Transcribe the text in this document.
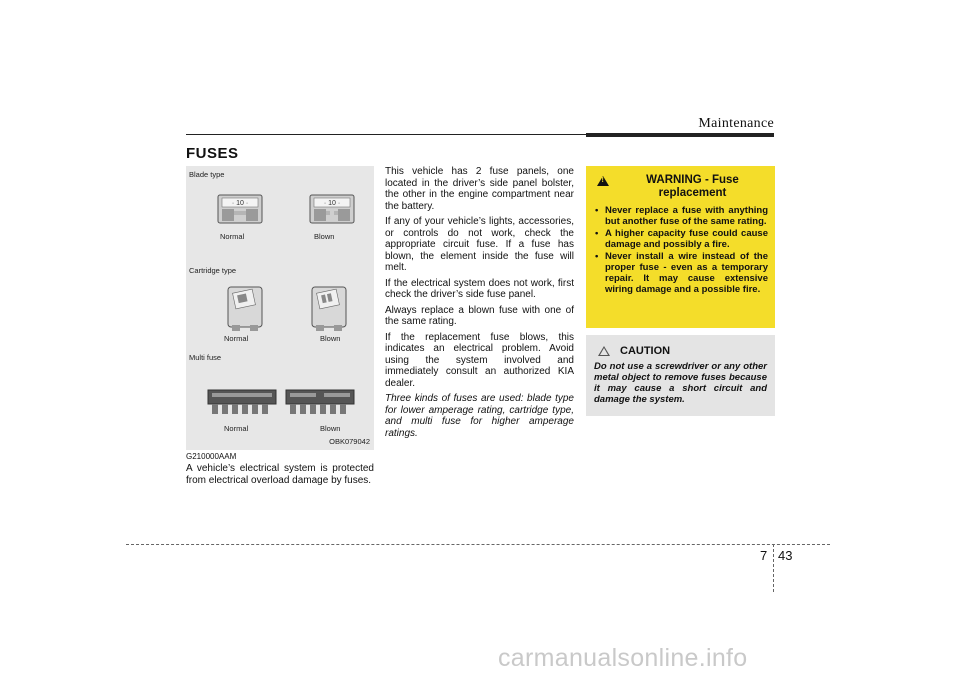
Maintenance
FUSES
Blade type
· 10 ·
Normal
· 10 ·
Blown
Cartridge type
Normal	Blown
Multi fuse
Normal	Blown
OBK079042
G210000AAM
A vehicle’s electrical system is protected from electrical overload damage by fuses.

This vehicle has 2 fuse panels, one located in the driver’s side panel bolster, the other in the engine compartment near the battery.

If any of your vehicle’s lights, accessories, or controls do not work, check the appropriate circuit fuse. If a fuse has blown, the element inside the fuse will melt.

If the electrical system does not work, first check the driver’s side fuse panel.

Always replace a blown fuse with one of the same rating.

If the replacement fuse blows, this indicates an electrical problem. Avoid using the system involved and immediately consult an authorized KIA dealer.

Three kinds of fuses are used: blade type for lower amperage rating, cartridge type, and multi fuse for higher amperage ratings.

!
WARNING - Fuse replacement
• Never replace a fuse with anything but another fuse of the same rating.
• A higher capacity fuse could cause damage and possibly a fire.
• Never install a wire instead of the proper fuse - even as a temporary repair. It may cause extensive wiring damage and a possible fire.
CAUTION
Do not use a screwdriver or any other metal object to remove fuses because it may cause a short circuit and damage the system.
7 43
carmanualsonline.info
